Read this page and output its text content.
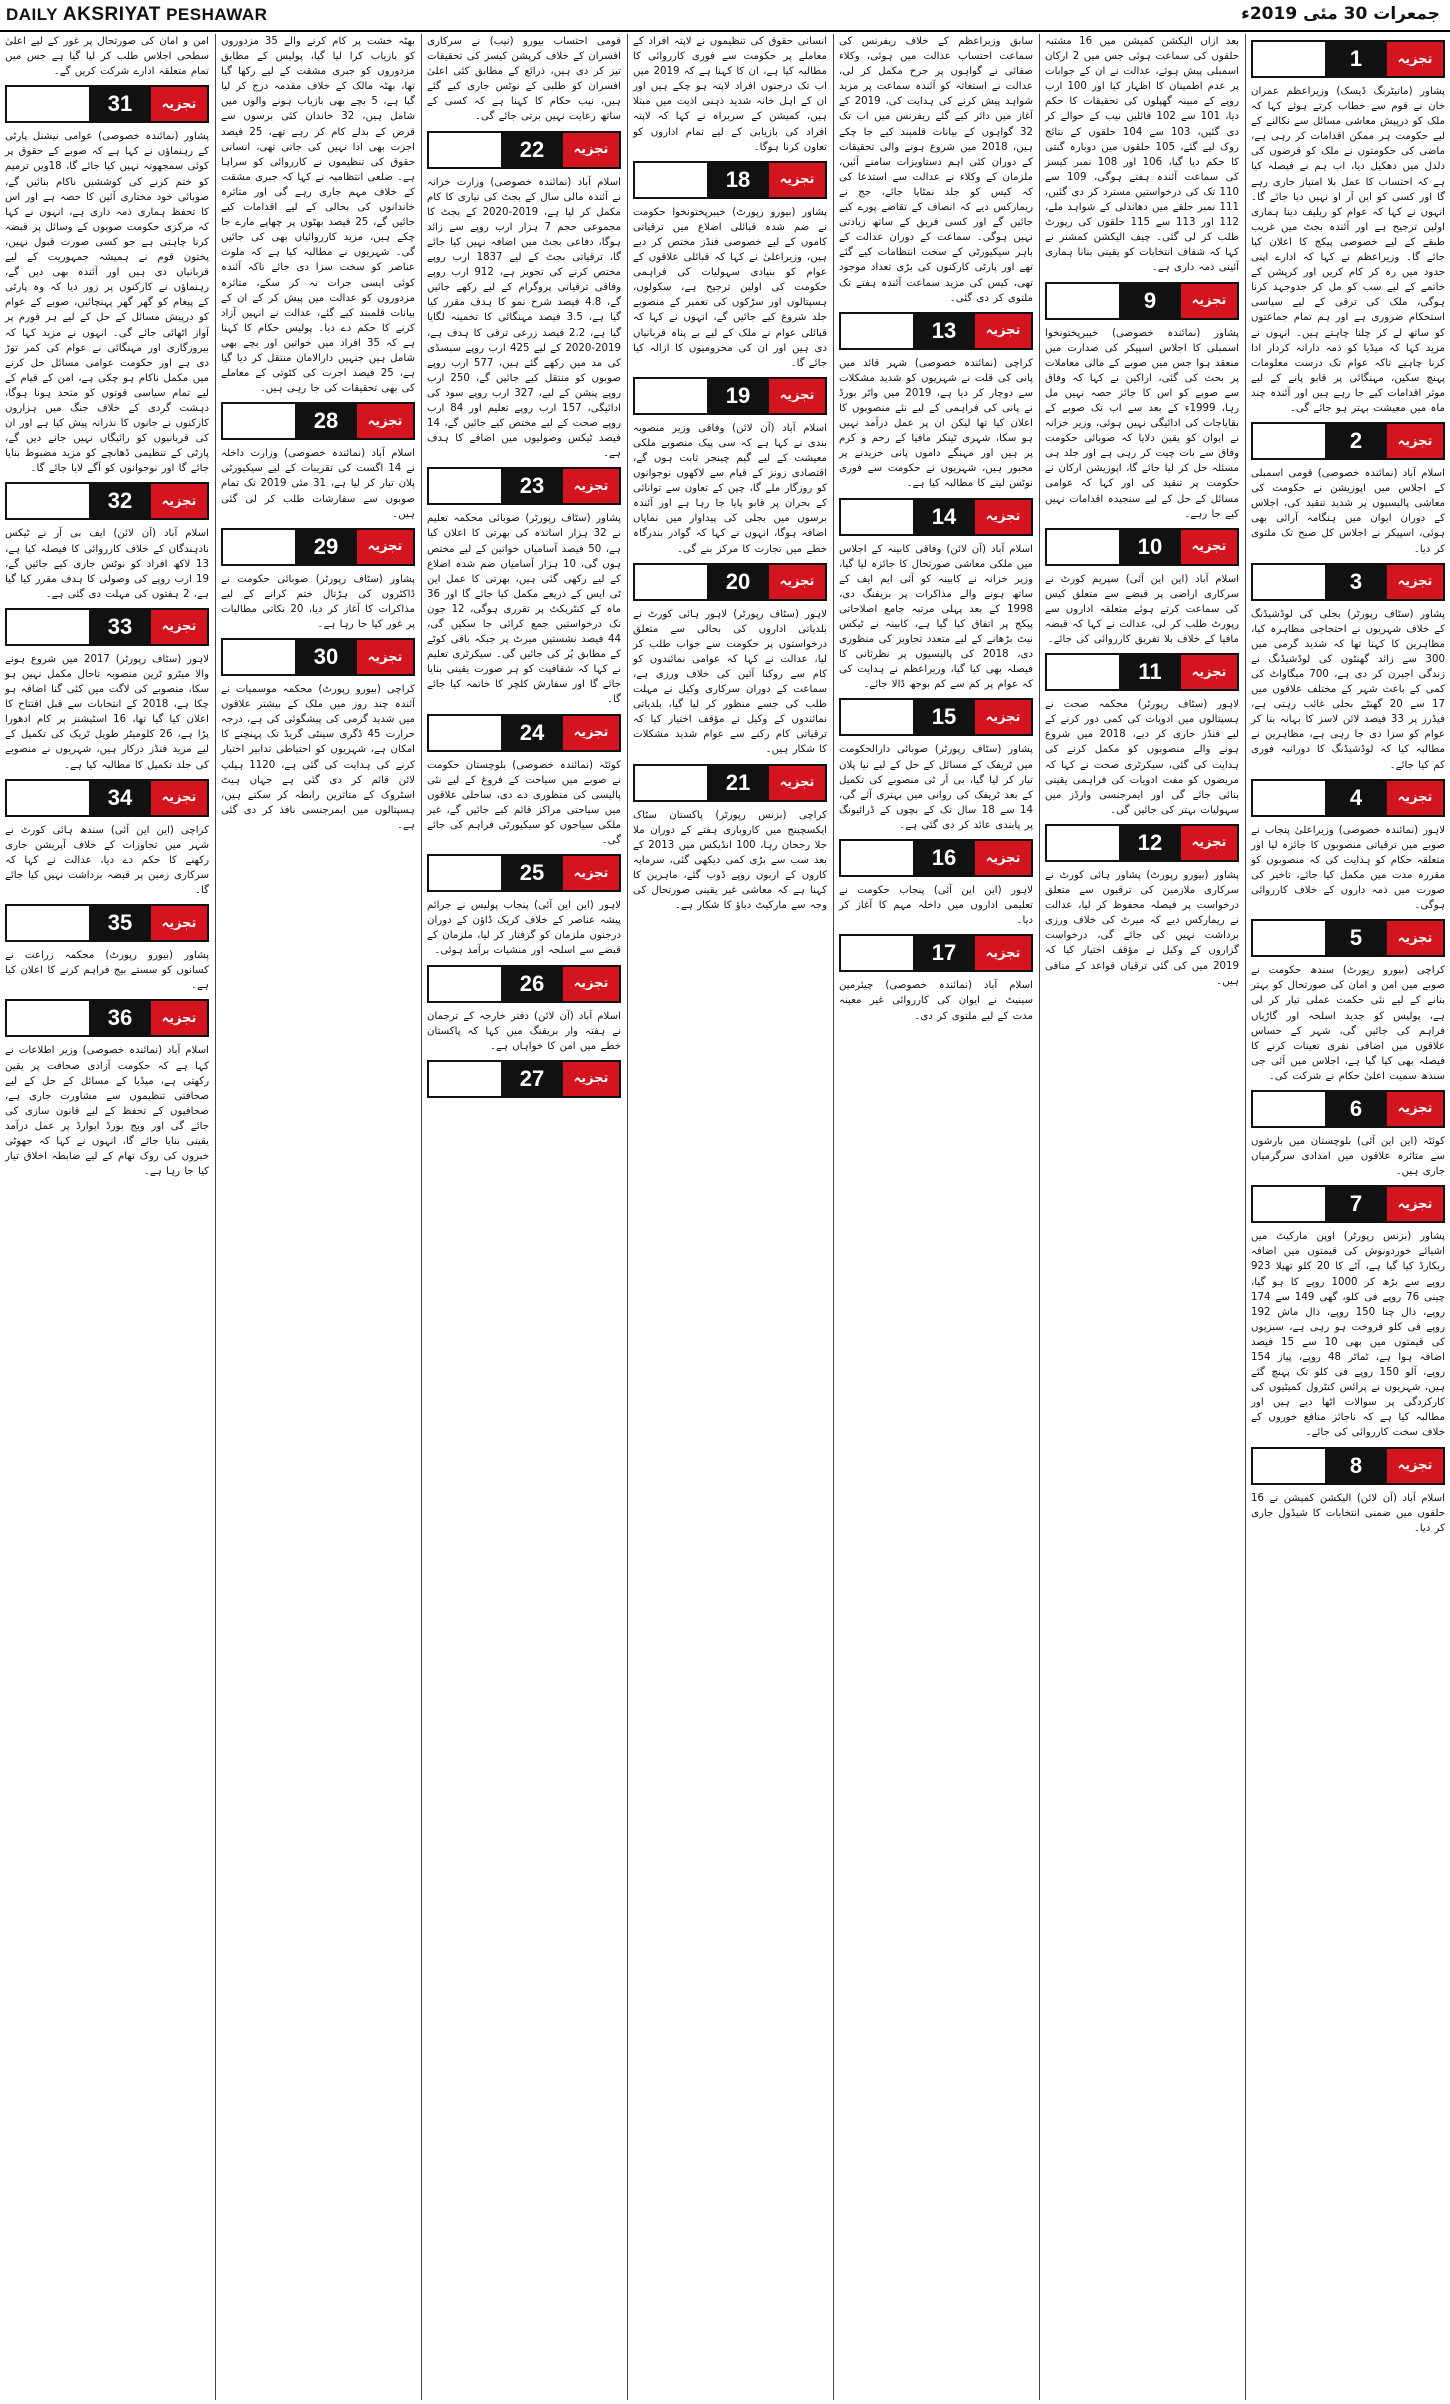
DAILY AKSRIYAT PESHAWAR	جمعرات 30 مئی 2019ء
1	تجزیہ

پشاور (مانیٹرنگ ڈیسک) وزیراعظم عمران خان نے قوم سے خطاب کرتے ہوئے کہا کہ ملک کو درپیش معاشی مسائل سے نکالنے کے لیے حکومت ہر ممکن اقدامات کر رہی ہے، ماضی کی حکومتوں نے ملک کو قرضوں کی دلدل میں دھکیل دیا، اب ہم نے فیصلہ کیا ہے کہ احتساب کا عمل بلا امتیاز جاری رہے گا اور کسی کو این آر او نہیں دیا جائے گا۔ انہوں نے کہا کہ عوام کو ریلیف دینا ہماری اولین ترجیح ہے اور آئندہ بجٹ میں غریب طبقے کے لیے خصوصی پیکج کا اعلان کیا جائے گا۔ وزیراعظم نے کہا کہ ادارے اپنی حدود میں رہ کر کام کریں اور کرپشن کے خاتمے کے لیے سب کو مل کر جدوجہد کرنا ہوگی، ملک کی ترقی کے لیے سیاسی استحکام ضروری ہے اور ہم تمام جماعتوں کو ساتھ لے کر چلنا چاہتے ہیں۔ انہوں نے مزید کہا کہ میڈیا کو ذمہ دارانہ کردار ادا کرنا چاہیے تاکہ عوام تک درست معلومات پہنچ سکیں، مہنگائی پر قابو پانے کے لیے موثر اقدامات کیے جا رہے ہیں اور آئندہ چند ماہ میں معیشت بہتر ہو جائے گی۔

2	تجزیہ

اسلام آباد (نمائندہ خصوصی) قومی اسمبلی کے اجلاس میں اپوزیشن نے حکومت کی معاشی پالیسیوں پر شدید تنقید کی، اجلاس کے دوران ایوان میں ہنگامہ آرائی بھی ہوئی، اسپیکر نے اجلاس کل صبح تک ملتوی کر دیا۔

3	تجزیہ

پشاور (سٹاف رپورٹر) بجلی کی لوڈشیڈنگ کے خلاف شہریوں نے احتجاجی مظاہرہ کیا، مظاہرین کا کہنا تھا کہ شدید گرمی میں 300 سے زائد گھنٹوں کی لوڈشیڈنگ نے زندگی اجیرن کر دی ہے، 700 میگاواٹ کی کمی کے باعث شہر کے مختلف علاقوں میں 17 سے 20 گھنٹے بجلی غائب رہتی ہے، فیڈرز پر 33 فیصد لائن لاسز کا بہانہ بنا کر عوام کو سزا دی جا رہی ہے، مظاہرین نے مطالبہ کیا کہ لوڈشیڈنگ کا دورانیہ فوری کم کیا جائے۔

4	تجزیہ

لاہور (نمائندہ خصوصی) وزیراعلیٰ پنجاب نے صوبے میں ترقیاتی منصوبوں کا جائزہ لیا اور متعلقہ حکام کو ہدایت کی کہ منصوبوں کو مقررہ مدت میں مکمل کیا جائے، تاخیر کی صورت میں ذمہ داروں کے خلاف کارروائی ہوگی۔

5	تجزیہ

کراچی (بیورو رپورٹ) سندھ حکومت نے صوبے میں امن و امان کی صورتحال کو بہتر بنانے کے لیے نئی حکمت عملی تیار کر لی ہے، پولیس کو جدید اسلحہ اور گاڑیاں فراہم کی جائیں گی، شہر کے حساس علاقوں میں اضافی نفری تعینات کرنے کا فیصلہ بھی کیا گیا ہے، اجلاس میں آئی جی سندھ سمیت اعلیٰ حکام نے شرکت کی۔

6	تجزیہ

کوئٹہ (این این آئی) بلوچستان میں بارشوں سے متاثرہ علاقوں میں امدادی سرگرمیاں جاری ہیں۔

7	تجزیہ

پشاور (بزنس رپورٹر) اوپن مارکیٹ میں اشیائے خوردونوش کی قیمتوں میں اضافہ ریکارڈ کیا گیا ہے، آٹے کا 20 کلو تھیلا 923 روپے سے بڑھ کر 1000 روپے کا ہو گیا، چینی 76 روپے فی کلو، گھی 149 سے 174 روپے، دال چنا 150 روپے، دال ماش 192 روپے فی کلو فروخت ہو رہی ہے، سبزیوں کی قیمتوں میں بھی 10 سے 15 فیصد اضافہ ہوا ہے، ٹماٹر 48 روپے، پیاز 154 روپے، آلو 150 روپے فی کلو تک پہنچ گئے ہیں، شہریوں نے پرائس کنٹرول کمیٹیوں کی کارکردگی پر سوالات اٹھا دیے ہیں اور مطالبہ کیا ہے کہ ناجائز منافع خوروں کے خلاف سخت کارروائی کی جائے۔

8	تجزیہ

اسلام آباد (آن لائن) الیکشن کمیشن نے 16 حلقوں میں ضمنی انتخابات کا شیڈول جاری کر دیا۔

بعد ازاں الیکشن کمیشن میں 16 مشتبہ حلقوں کی سماعت ہوئی جس میں 2 ارکان اسمبلی پیش ہوئے، عدالت نے ان کے جوابات پر عدم اطمینان کا اظہار کیا اور 100 ارب روپے کے مبینہ گھپلوں کی تحقیقات کا حکم دیا، 101 سے 102 فائلیں نیب کے حوالے کر دی گئیں، 103 سے 104 حلقوں کے نتائج روک لیے گئے، 105 حلقوں میں دوبارہ گنتی کا حکم دیا گیا، 106 اور 108 نمبر کیسز کی سماعت آئندہ ہفتے ہوگی، 109 سے 110 تک کی درخواستیں مسترد کر دی گئیں، 111 نمبر حلقے میں دھاندلی کے شواہد ملے، 112 اور 113 سے 115 حلقوں کی رپورٹ طلب کر لی گئی۔ چیف الیکشن کمشنر نے کہا کہ شفاف انتخابات کو یقینی بنانا ہماری آئینی ذمہ داری ہے۔

9	تجزیہ

پشاور (نمائندہ خصوصی) خیبرپختونخوا اسمبلی کا اجلاس اسپیکر کی صدارت میں منعقد ہوا جس میں صوبے کے مالی معاملات پر بحث کی گئی، اراکین نے کہا کہ وفاق سے صوبے کو اس کا جائز حصہ نہیں مل رہا، 1999ء کے بعد سے اب تک صوبے کے بقایاجات کی ادائیگی نہیں ہوئی، وزیر خزانہ نے ایوان کو یقین دلایا کہ صوبائی حکومت وفاق سے بات چیت کر رہی ہے اور جلد ہی مسئلہ حل کر لیا جائے گا، اپوزیشن ارکان نے حکومت پر تنقید کی اور کہا کہ عوامی مسائل کے حل کے لیے سنجیدہ اقدامات نہیں کیے جا رہے۔

10	تجزیہ

اسلام آباد (این این آئی) سپریم کورٹ نے سرکاری اراضی پر قبضے سے متعلق کیس کی سماعت کرتے ہوئے متعلقہ اداروں سے رپورٹ طلب کر لی، عدالت نے کہا کہ قبضہ مافیا کے خلاف بلا تفریق کارروائی کی جائے۔

11	تجزیہ

لاہور (سٹاف رپورٹر) محکمہ صحت نے ہسپتالوں میں ادویات کی کمی دور کرنے کے لیے فنڈز جاری کر دیے، 2018 میں شروع ہونے والے منصوبوں کو مکمل کرنے کی ہدایت کی گئی، سیکرٹری صحت نے کہا کہ مریضوں کو مفت ادویات کی فراہمی یقینی بنائی جائے گی اور ایمرجنسی وارڈز میں سہولیات بہتر کی جائیں گی۔

12	تجزیہ

پشاور (بیورو رپورٹ) پشاور ہائی کورٹ نے سرکاری ملازمین کی ترقیوں سے متعلق درخواست پر فیصلہ محفوظ کر لیا، عدالت نے ریمارکس دیے کہ میرٹ کی خلاف ورزی برداشت نہیں کی جائے گی، درخواست گزاروں کے وکیل نے مؤقف اختیار کیا کہ 2019 میں کی گئی ترقیاں قواعد کے منافی ہیں۔

سابق وزیراعظم کے خلاف ریفرنس کی سماعت احتساب عدالت میں ہوئی، وکلاء صفائی نے گواہوں پر جرح مکمل کر لی، عدالت نے استغاثہ کو آئندہ سماعت پر مزید شواہد پیش کرنے کی ہدایت کی، 2019 کے آغاز میں دائر کیے گئے ریفرنس میں اب تک 32 گواہوں کے بیانات قلمبند کیے جا چکے ہیں، 2018 میں شروع ہونے والی تحقیقات کے دوران کئی اہم دستاویزات سامنے آئیں، ملزمان کے وکلاء نے عدالت سے استدعا کی کہ کیس کو جلد نمٹایا جائے، جج نے ریمارکس دیے کہ انصاف کے تقاضے پورے کیے جائیں گے اور کسی فریق کے ساتھ زیادتی نہیں ہوگی۔ سماعت کے دوران عدالت کے باہر سیکیورٹی کے سخت انتظامات کیے گئے تھے اور پارٹی کارکنوں کی بڑی تعداد موجود تھی، کیس کی مزید سماعت آئندہ ہفتے تک ملتوی کر دی گئی۔

13	تجزیہ

کراچی (نمائندہ خصوصی) شہر قائد میں پانی کی قلت نے شہریوں کو شدید مشکلات سے دوچار کر دیا ہے، 2019 میں واٹر بورڈ نے پانی کی فراہمی کے لیے نئے منصوبوں کا اعلان کیا تھا لیکن ان پر عمل درآمد نہیں ہو سکا، شہری ٹینکر مافیا کے رحم و کرم پر ہیں اور مہنگے داموں پانی خریدنے پر مجبور ہیں، شہریوں نے حکومت سے فوری نوٹس لینے کا مطالبہ کیا ہے۔

14	تجزیہ

اسلام آباد (آن لائن) وفاقی کابینہ کے اجلاس میں ملکی معاشی صورتحال کا جائزہ لیا گیا، وزیر خزانہ نے کابینہ کو آئی ایم ایف کے ساتھ ہونے والے مذاکرات پر بریفنگ دی، 1998 کے بعد پہلی مرتبہ جامع اصلاحاتی پیکج پر اتفاق کیا گیا ہے، کابینہ نے ٹیکس نیٹ بڑھانے کے لیے متعدد تجاویز کی منظوری دی، 2018 کی پالیسیوں پر نظرثانی کا فیصلہ بھی کیا گیا، وزیراعظم نے ہدایت کی کہ عوام پر کم سے کم بوجھ ڈالا جائے۔

15	تجزیہ

پشاور (سٹاف رپورٹر) صوبائی دارالحکومت میں ٹریفک کے مسائل کے حل کے لیے نیا پلان تیار کر لیا گیا، بی آر ٹی منصوبے کی تکمیل کے بعد ٹریفک کی روانی میں بہتری آئے گی، 14 سے 18 سال تک کے بچوں کے ڈرائیونگ پر پابندی عائد کر دی گئی ہے۔

16	تجزیہ

لاہور (این این آئی) پنجاب حکومت نے تعلیمی اداروں میں داخلہ مہم کا آغاز کر دیا۔

17	تجزیہ

اسلام آباد (نمائندہ خصوصی) چیئرمین سینیٹ نے ایوان کی کارروائی غیر معینہ مدت کے لیے ملتوی کر دی۔

انسانی حقوق کی تنظیموں نے لاپتہ افراد کے معاملے پر حکومت سے فوری کارروائی کا مطالبہ کیا ہے، ان کا کہنا ہے کہ 2019 میں اب تک درجنوں افراد لاپتہ ہو چکے ہیں اور ان کے اہل خانہ شدید ذہنی اذیت میں مبتلا ہیں، کمیشن کے سربراہ نے کہا کہ لاپتہ افراد کی بازیابی کے لیے تمام اداروں کو تعاون کرنا ہوگا۔

18	تجزیہ

پشاور (بیورو رپورٹ) خیبرپختونخوا حکومت نے ضم شدہ قبائلی اضلاع میں ترقیاتی کاموں کے لیے خصوصی فنڈز مختص کر دیے ہیں، وزیراعلیٰ نے کہا کہ قبائلی علاقوں کے عوام کو بنیادی سہولیات کی فراہمی حکومت کی اولین ترجیح ہے، سکولوں، ہسپتالوں اور سڑکوں کی تعمیر کے منصوبے جلد شروع کیے جائیں گے، انہوں نے کہا کہ قبائلی عوام نے ملک کے لیے بے پناہ قربانیاں دی ہیں اور ان کی محرومیوں کا ازالہ کیا جائے گا۔

19	تجزیہ

اسلام آباد (آن لائن) وفاقی وزیر منصوبہ بندی نے کہا ہے کہ سی پیک منصوبے ملکی معیشت کے لیے گیم چینجر ثابت ہوں گے، اقتصادی زونز کے قیام سے لاکھوں نوجوانوں کو روزگار ملے گا، چین کے تعاون سے توانائی کے بحران پر قابو پایا جا رہا ہے اور آئندہ برسوں میں بجلی کی پیداوار میں نمایاں اضافہ ہوگا، انہوں نے کہا کہ گوادر بندرگاہ خطے میں تجارت کا مرکز بنے گی۔

20	تجزیہ

لاہور (سٹاف رپورٹر) لاہور ہائی کورٹ نے بلدیاتی اداروں کی بحالی سے متعلق درخواستوں پر حکومت سے جواب طلب کر لیا، عدالت نے کہا کہ عوامی نمائندوں کو کام سے روکنا آئین کی خلاف ورزی ہے، سماعت کے دوران سرکاری وکیل نے مہلت طلب کی جسے منظور کر لیا گیا، بلدیاتی نمائندوں کے وکیل نے مؤقف اختیار کیا کہ ترقیاتی کام رکنے سے عوام شدید مشکلات کا شکار ہیں۔

21	تجزیہ

کراچی (بزنس رپورٹر) پاکستان سٹاک ایکسچینج میں کاروباری ہفتے کے دوران ملا جلا رجحان رہا، 100 انڈیکس میں 2013 کے بعد سب سے بڑی کمی دیکھی گئی، سرمایہ کاروں کے اربوں روپے ڈوب گئے، ماہرین کا کہنا ہے کہ معاشی غیر یقینی صورتحال کی وجہ سے مارکیٹ دباؤ کا شکار ہے۔

قومی احتساب بیورو (نیب) نے سرکاری افسران کے خلاف کرپشن کیسز کی تحقیقات تیز کر دی ہیں، ذرائع کے مطابق کئی اعلیٰ افسران کو طلبی کے نوٹس جاری کیے گئے ہیں، نیب حکام کا کہنا ہے کہ کسی کے ساتھ رعایت نہیں برتی جائے گی۔

22	تجزیہ

اسلام آباد (نمائندہ خصوصی) وزارت خزانہ نے آئندہ مالی سال کے بجٹ کی تیاری کا کام مکمل کر لیا ہے، 2019-2020 کے بجٹ کا مجموعی حجم 7 ہزار ارب روپے سے زائد ہوگا، دفاعی بجٹ میں اضافہ نہیں کیا جائے گا، ترقیاتی بجٹ کے لیے 1837 ارب روپے مختص کرنے کی تجویز ہے، 912 ارب روپے وفاقی ترقیاتی پروگرام کے لیے رکھے جائیں گے، 4.8 فیصد شرح نمو کا ہدف مقرر کیا گیا ہے، 3.5 فیصد مہنگائی کا تخمینہ لگایا گیا ہے، 2.2 فیصد زرعی ترقی کا ہدف ہے، 2019-2020 کے لیے 425 ارب روپے سبسڈی کی مد میں رکھے گئے ہیں، 577 ارب روپے صوبوں کو منتقل کیے جائیں گے، 250 ارب روپے پنشن کے لیے، 327 ارب روپے سود کی ادائیگی، 157 ارب روپے تعلیم اور 84 ارب روپے صحت کے لیے مختص کیے جائیں گے، 14 فیصد ٹیکس وصولیوں میں اضافے کا ہدف ہے۔

23	تجزیہ

پشاور (سٹاف رپورٹر) صوبائی محکمہ تعلیم نے 32 ہزار اساتذہ کی بھرتی کا اعلان کیا ہے، 50 فیصد آسامیاں خواتین کے لیے مختص ہوں گی، 10 ہزار آسامیاں ضم شدہ اضلاع کے لیے رکھی گئی ہیں، بھرتی کا عمل این ٹی ایس کے ذریعے مکمل کیا جائے گا اور 36 ماہ کے کنٹریکٹ پر تقرری ہوگی، 12 جون تک درخواستیں جمع کرائی جا سکیں گی، 44 فیصد نشستیں میرٹ پر جبکہ باقی کوٹے کے مطابق پُر کی جائیں گی۔ سیکرٹری تعلیم نے کہا کہ شفافیت کو ہر صورت یقینی بنایا جائے گا اور سفارش کلچر کا خاتمہ کیا جائے گا۔

24	تجزیہ

کوئٹہ (نمائندہ خصوصی) بلوچستان حکومت نے صوبے میں سیاحت کے فروغ کے لیے نئی پالیسی کی منظوری دے دی، ساحلی علاقوں میں سیاحتی مراکز قائم کیے جائیں گے، غیر ملکی سیاحوں کو سیکیورٹی فراہم کی جائے گی۔

25	تجزیہ

لاہور (این این آئی) پنجاب پولیس نے جرائم پیشہ عناصر کے خلاف کریک ڈاؤن کے دوران درجنوں ملزمان کو گرفتار کر لیا، ملزمان کے قبضے سے اسلحہ اور منشیات برآمد ہوئی۔

26	تجزیہ

اسلام آباد (آن لائن) دفتر خارجہ کے ترجمان نے ہفتہ وار بریفنگ میں کہا کہ پاکستان خطے میں امن کا خواہاں ہے۔

27	تجزیہ

بھٹہ خشت پر کام کرنے والے 35 مزدوروں کو بازیاب کرا لیا گیا، پولیس کے مطابق مزدوروں کو جبری مشقت کے لیے رکھا گیا تھا، بھٹہ مالک کے خلاف مقدمہ درج کر لیا گیا ہے، 5 بچے بھی بازیاب ہونے والوں میں شامل ہیں، 32 خاندان کئی برسوں سے قرض کے بدلے کام کر رہے تھے، 25 فیصد اجرت بھی ادا نہیں کی جاتی تھی، انسانی حقوق کی تنظیموں نے کارروائی کو سراہا ہے۔ ضلعی انتظامیہ نے کہا کہ جبری مشقت کے خلاف مہم جاری رہے گی اور متاثرہ خاندانوں کی بحالی کے لیے اقدامات کیے جائیں گے، 25 فیصد بھٹوں پر چھاپے مارے جا چکے ہیں، مزید کارروائیاں بھی کی جائیں گی۔ شہریوں نے مطالبہ کیا ہے کہ ملوث عناصر کو سخت سزا دی جائے تاکہ آئندہ کوئی ایسی جرات نہ کر سکے، متاثرہ مزدوروں کو عدالت میں پیش کر کے ان کے بیانات قلمبند کیے گئے، عدالت نے انہیں آزاد کرنے کا حکم دے دیا۔ پولیس حکام کا کہنا ہے کہ 35 افراد میں خواتین اور بچے بھی شامل ہیں جنہیں دارالامان منتقل کر دیا گیا ہے، 25 فیصد اجرت کی کٹوتی کے معاملے کی بھی تحقیقات کی جا رہی ہیں۔

28	تجزیہ

اسلام آباد (نمائندہ خصوصی) وزارت داخلہ نے 14 اگست کی تقریبات کے لیے سیکیورٹی پلان تیار کر لیا ہے، 31 مئی 2019 تک تمام صوبوں سے سفارشات طلب کر لی گئی ہیں۔

29	تجزیہ

پشاور (سٹاف رپورٹر) صوبائی حکومت نے ڈاکٹروں کی ہڑتال ختم کرانے کے لیے مذاکرات کا آغاز کر دیا، 20 نکاتی مطالبات پر غور کیا جا رہا ہے۔

30	تجزیہ

کراچی (بیورو رپورٹ) محکمہ موسمیات نے آئندہ چند روز میں ملک کے بیشتر علاقوں میں شدید گرمی کی پیشگوئی کی ہے، درجہ حرارت 45 ڈگری سینٹی گریڈ تک پہنچنے کا امکان ہے، شہریوں کو احتیاطی تدابیر اختیار کرنے کی ہدایت کی گئی ہے، 1120 ہیلپ لائن قائم کر دی گئی ہے جہاں ہیٹ اسٹروک کے متاثرین رابطہ کر سکتے ہیں، ہسپتالوں میں ایمرجنسی نافذ کر دی گئی ہے۔

امن و امان کی صورتحال پر غور کے لیے اعلیٰ سطحی اجلاس طلب کر لیا گیا ہے جس میں تمام متعلقہ ادارے شرکت کریں گے۔

31	تجزیہ

پشاور (نمائندہ خصوصی) عوامی نیشنل پارٹی کے رہنماؤں نے کہا ہے کہ صوبے کے حقوق پر کوئی سمجھوتہ نہیں کیا جائے گا، 18ویں ترمیم کو ختم کرنے کی کوششیں ناکام بنائیں گے، صوبائی خود مختاری آئین کا حصہ ہے اور اس کا تحفظ ہماری ذمہ داری ہے، انہوں نے کہا کہ مرکزی حکومت صوبوں کے وسائل پر قبضہ کرنا چاہتی ہے جو کسی صورت قبول نہیں، پختون قوم نے ہمیشہ جمہوریت کے لیے قربانیاں دی ہیں اور آئندہ بھی دیں گے، رہنماؤں نے کارکنوں پر زور دیا کہ وہ پارٹی کے پیغام کو گھر گھر پہنچائیں، صوبے کے عوام کو درپیش مسائل کے حل کے لیے ہر فورم پر آواز اٹھائی جائے گی۔ انہوں نے مزید کہا کہ بیروزگاری اور مہنگائی نے عوام کی کمر توڑ دی ہے اور حکومت عوامی مسائل حل کرنے میں مکمل ناکام ہو چکی ہے، امن کے قیام کے لیے تمام سیاسی قوتوں کو متحد ہونا ہوگا، دہشت گردی کے خلاف جنگ میں ہزاروں کارکنوں نے جانوں کا نذرانہ پیش کیا ہے اور ان کی قربانیوں کو رائیگاں نہیں جانے دیں گے، پارٹی کے تنظیمی ڈھانچے کو مزید مضبوط بنایا جائے گا اور نوجوانوں کو آگے لایا جائے گا۔

32	تجزیہ

اسلام آباد (آن لائن) ایف بی آر نے ٹیکس نادہندگان کے خلاف کارروائی کا فیصلہ کیا ہے، 13 لاکھ افراد کو نوٹس جاری کیے جائیں گے، 19 ارب روپے کی وصولی کا ہدف مقرر کیا گیا ہے، 2 ہفتوں کی مہلت دی گئی ہے۔

33	تجزیہ

لاہور (سٹاف رپورٹر) 2017 میں شروع ہونے والا میٹرو ٹرین منصوبہ تاحال مکمل نہیں ہو سکا، منصوبے کی لاگت میں کئی گنا اضافہ ہو چکا ہے، 2018 کے انتخابات سے قبل افتتاح کا اعلان کیا گیا تھا، 16 اسٹیشنز پر کام ادھورا پڑا ہے، 26 کلومیٹر طویل ٹریک کی تکمیل کے لیے مزید فنڈز درکار ہیں، شہریوں نے منصوبے کی جلد تکمیل کا مطالبہ کیا ہے۔

34	تجزیہ

کراچی (این این آئی) سندھ ہائی کورٹ نے شہر میں تجاوزات کے خلاف آپریشن جاری رکھنے کا حکم دے دیا، عدالت نے کہا کہ سرکاری زمین پر قبضہ برداشت نہیں کیا جائے گا۔

35	تجزیہ

پشاور (بیورو رپورٹ) محکمہ زراعت نے کسانوں کو سستے بیج فراہم کرنے کا اعلان کیا ہے۔

36	تجزیہ

اسلام آباد (نمائندہ خصوصی) وزیر اطلاعات نے کہا ہے کہ حکومت آزادی صحافت پر یقین رکھتی ہے، میڈیا کے مسائل کے حل کے لیے صحافتی تنظیموں سے مشاورت جاری ہے، صحافیوں کے تحفظ کے لیے قانون سازی کی جائے گی اور ویج بورڈ ایوارڈ پر عمل درآمد یقینی بنایا جائے گا، انہوں نے کہا کہ جھوٹی خبروں کی روک تھام کے لیے ضابطہ اخلاق تیار کیا جا رہا ہے۔
